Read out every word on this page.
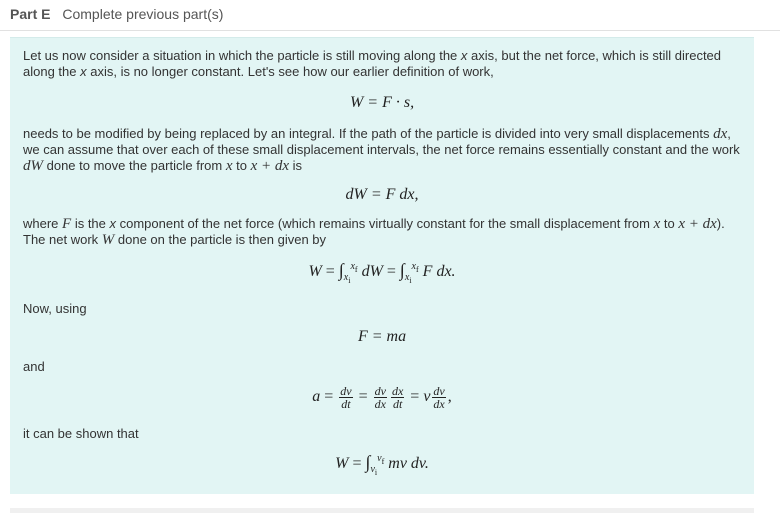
Part E Complete previous part(s)
Let us now consider a situation in which the particle is still moving along the x axis, but the net force, which is still directed along the x axis, is no longer constant. Let's see how our earlier definition of work,
W = F · s,
needs to be modified by being replaced by an integral. If the path of the particle is divided into very small displacements dx, we can assume that over each of these small displacement intervals, the net force remains essentially constant and the work dW done to move the particle from x to x + dx is
dW = F dx,
where F is the x component of the net force (which remains virtually constant for the small displacement from x to x + dx). The net work W done on the particle is then given by
$W = \int_{x_i}^{x_f}$ dW = $\int_{x_i}^{x_f}$ F dx.
Now, using
F = ma
and
$a = \frac{dv}{dt} = \frac{dv}{dx} \frac{dx}{dt} = v \frac{dv}{dx}$ ,
it can be shown that
$W = \int_{v_i}^{v_f}$ mv dv.
